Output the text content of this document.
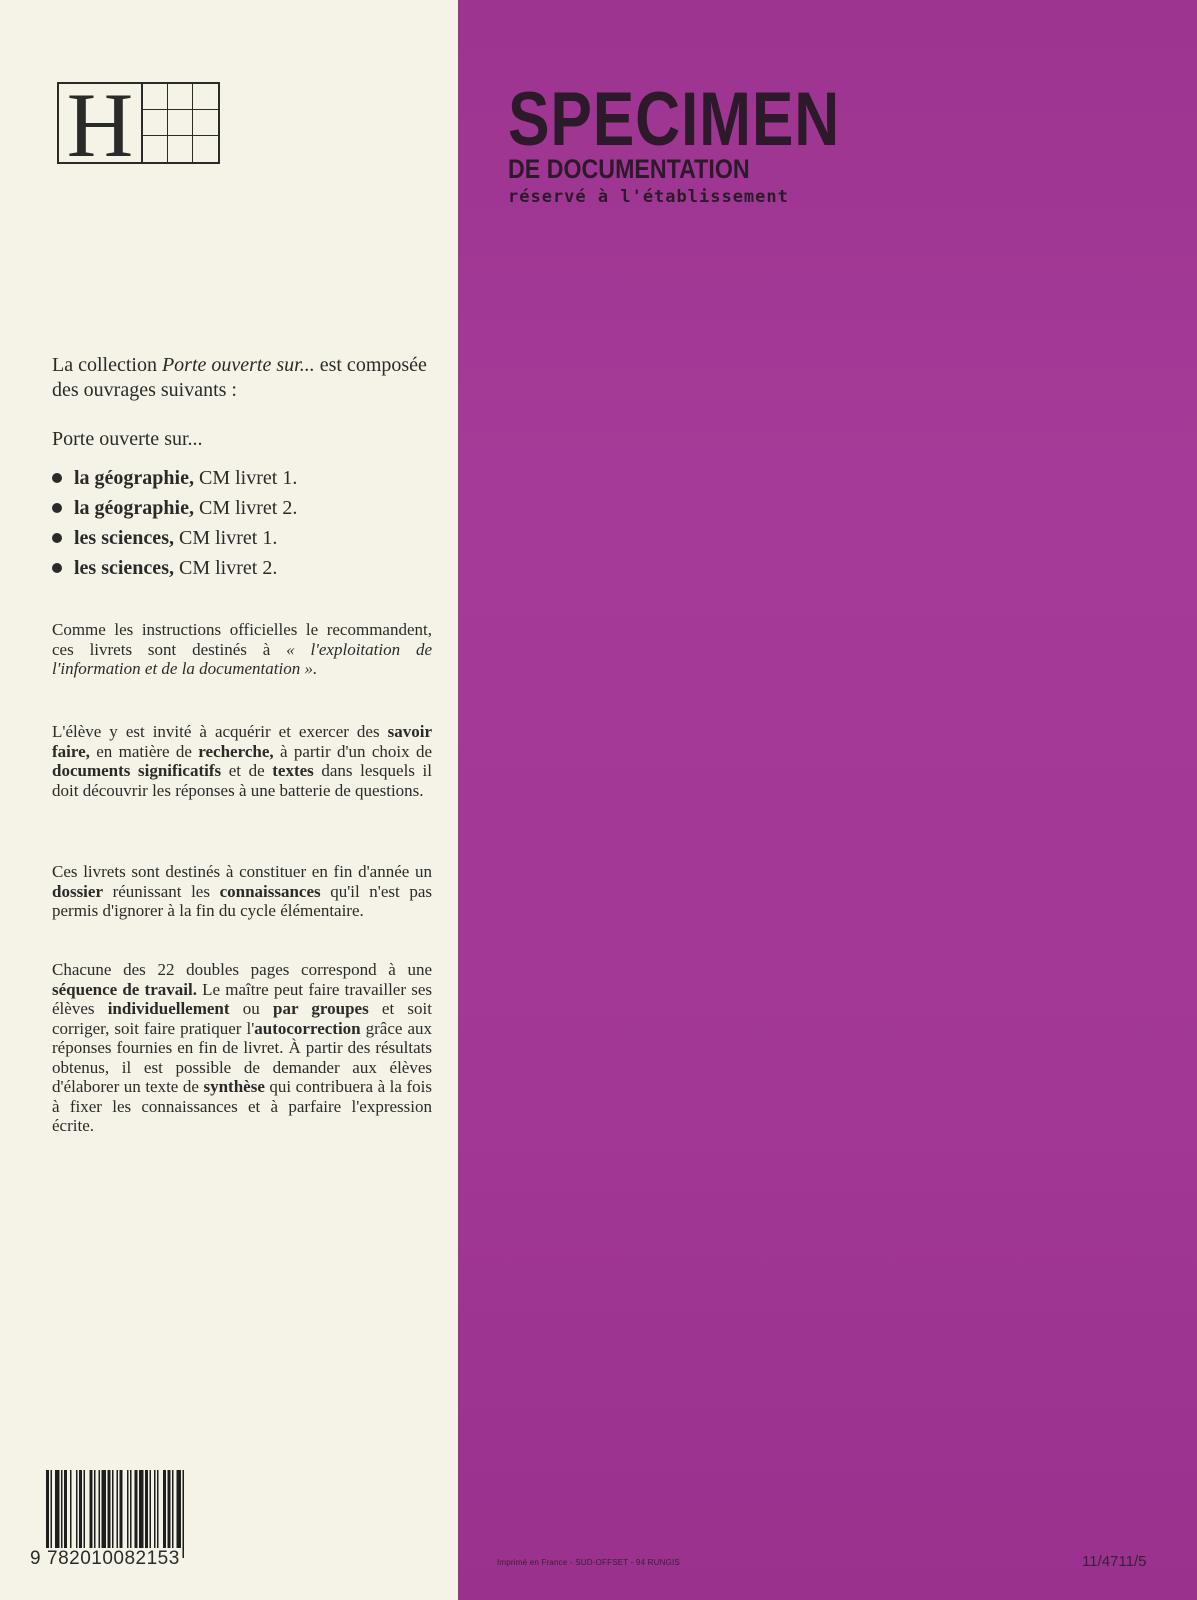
H
La collection Porte ouverte sur... est composée des ouvrages suivants :
Porte ouverte sur...
la géographie, CM livret 1.
la géographie, CM livret 2.
les sciences, CM livret 1.
les sciences, CM livret 2.
Comme les instructions officielles le recommandent, ces livrets sont destinés à « l'exploitation de l'information et de la documentation ».
L'élève y est invité à acquérir et exercer des savoir faire, en matière de recherche, à partir d'un choix de documents significatifs et de textes dans lesquels il doit découvrir les réponses à une batterie de questions.
Ces livrets sont destinés à constituer en fin d'année un dossier réunissant les connaissances qu'il n'est pas permis d'ignorer à la fin du cycle élémentaire.
Chacune des 22 doubles pages correspond à une séquence de travail. Le maître peut faire travailler ses élèves individuellement ou par groupes et soit corriger, soit faire pratiquer l'autocorrection grâce aux réponses fournies en fin de livret. À partir des résultats obtenus, il est possible de demander aux élèves d'élaborer un texte de synthèse qui contribuera à la fois à fixer les connaissances et à parfaire l'expression écrite.
9 782010082153
SPECIMEN
DE DOCUMENTATION
réservé à l'établissement
Imprimé en France - SUD-OFFSET - 94 RUNGIS	11/4711/5
